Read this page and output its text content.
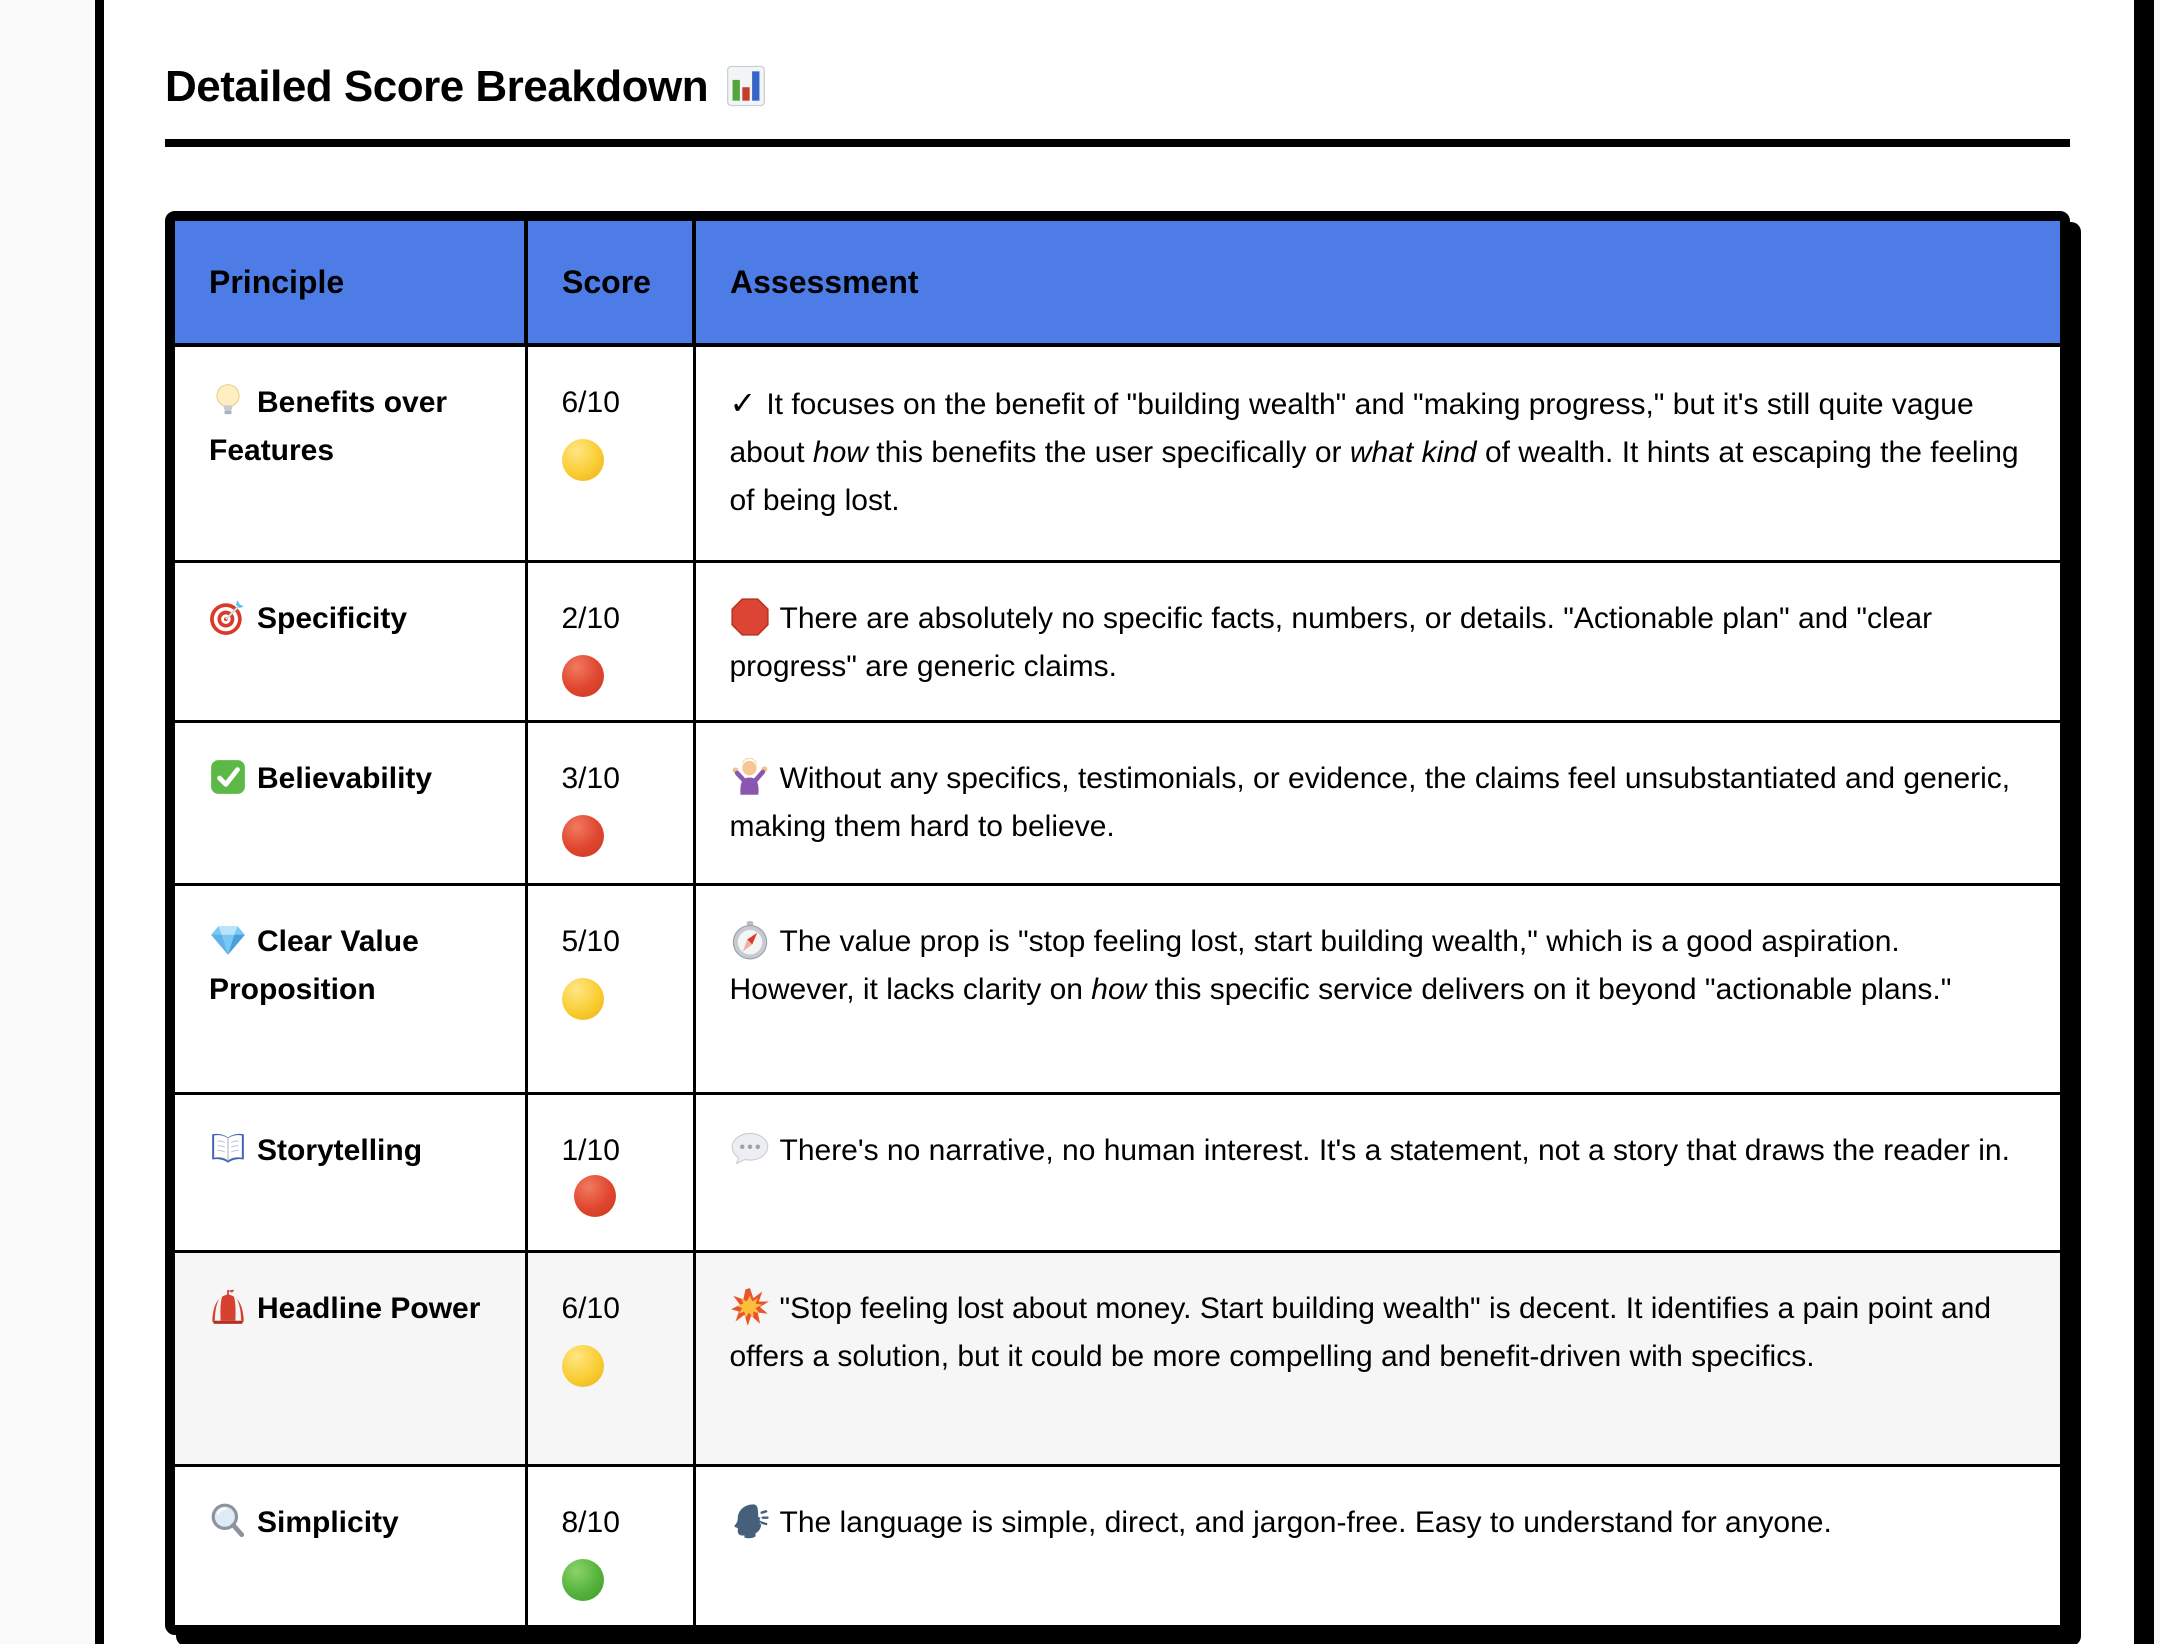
Detailed Score Breakdown
Principle	Score	Assessment
Benefits over Features	6/10	✓ It focuses on the benefit of "building wealth" and "making progress," but it's still quite vague about how this benefits the user specifically or what kind of wealth. It hints at escaping the feeling of being lost.
Specificity	2/10	There are absolutely no specific facts, numbers, or details. "Actionable plan" and "clear progress" are generic claims.
Believability	3/10	Without any specifics, testimonials, or evidence, the claims feel unsubstantiated and generic, making them hard to believe.
Clear Value Proposition	5/10	The value prop is "stop feeling lost, start building wealth," which is a good aspiration. However, it lacks clarity on how this specific service delivers on it beyond "actionable plans."
Storytelling	1/10	There's no narrative, no human interest. It's a statement, not a story that draws the reader in.
Headline Power	6/10	"Stop feeling lost about money. Start building wealth" is decent. It identifies a pain point and offers a solution, but it could be more compelling and benefit-driven with specifics.
Simplicity	8/10	The language is simple, direct, and jargon-free. Easy to understand for anyone.
